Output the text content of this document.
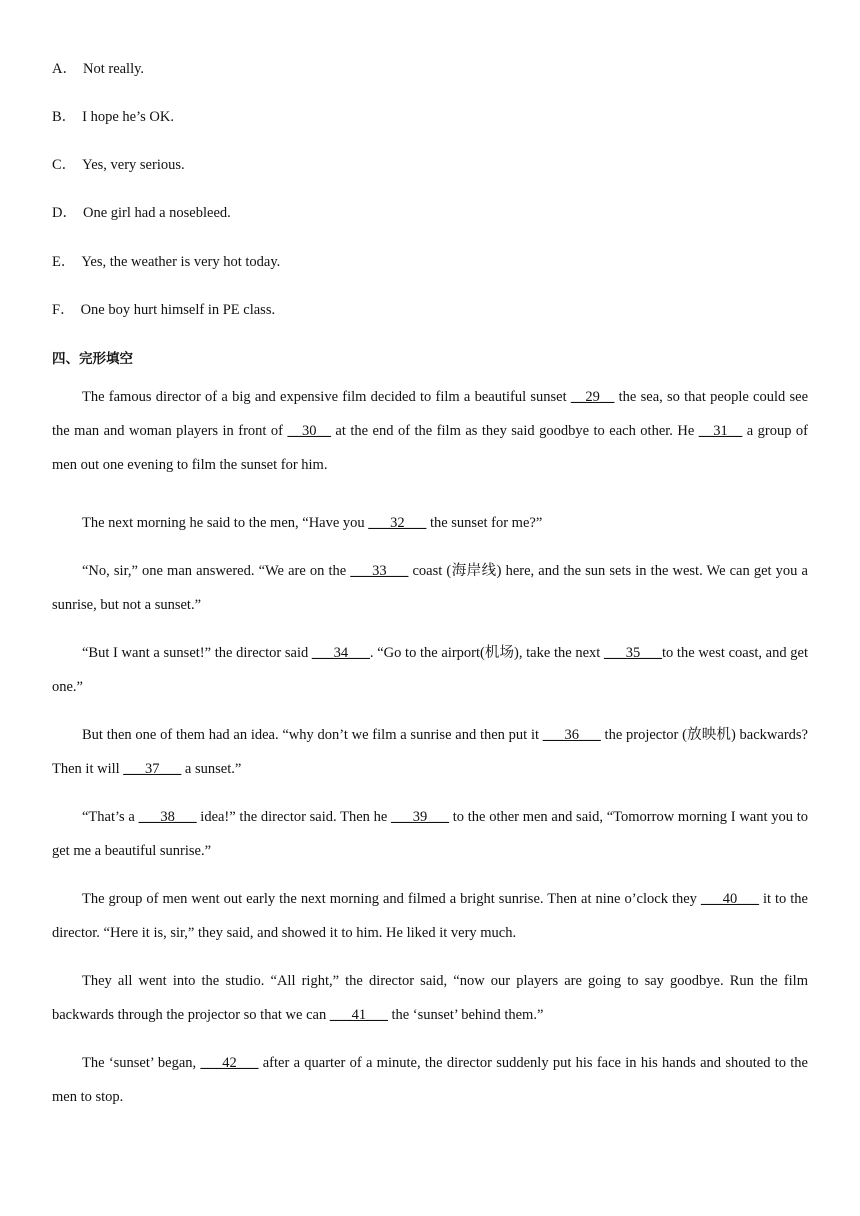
A． Not really.
B． I hope he’s OK.
C． Yes, very serious.
D． One girl had a nosebleed.
E． Yes, the weather is very hot today.
F． One boy hurt himself in PE class.
四、完形填空

The famous director of a big and expensive film decided to film a beautiful sunset __29__ the sea, so that people could see the man and woman players in front of __30__ at the end of the film as they said goodbye to each other. He __31__ a group of men out one evening to film the sunset for him.

The next morning he said to the men, “Have you ___32___ the sunset for me?”

“No, sir,” one man answered. “We are on the ___33___ coast (海岸线) here, and the sun sets in the west. We can get you a sunrise, but not a sunset.”

“But I want a sunset!” the director said ___34___. “Go to the airport(机场), take the next ___35___to the west coast, and get one.”

But then one of them had an idea. “why don’t we film a sunrise and then put it ___36___ the projector (放映机) backwards? Then it will ___37___ a sunset.”

“That’s a ___38___ idea!” the director said. Then he ___39___ to the other men and said, “Tomorrow morning I want you to get me a beautiful sunrise.”

The group of men went out early the next morning and filmed a bright sunrise. Then at nine o’clock they ___40___ it to the director. “Here it is, sir,” they said, and showed it to him. He liked it very much.

They all went into the studio. “All right,” the director said, “now our players are going to say goodbye. Run the film backwards through the projector so that we can ___41___ the ‘sunset’ behind them.”

The ‘sunset’ began, ___42___ after a quarter of a minute, the director suddenly put his face in his hands and shouted to the men to stop.
